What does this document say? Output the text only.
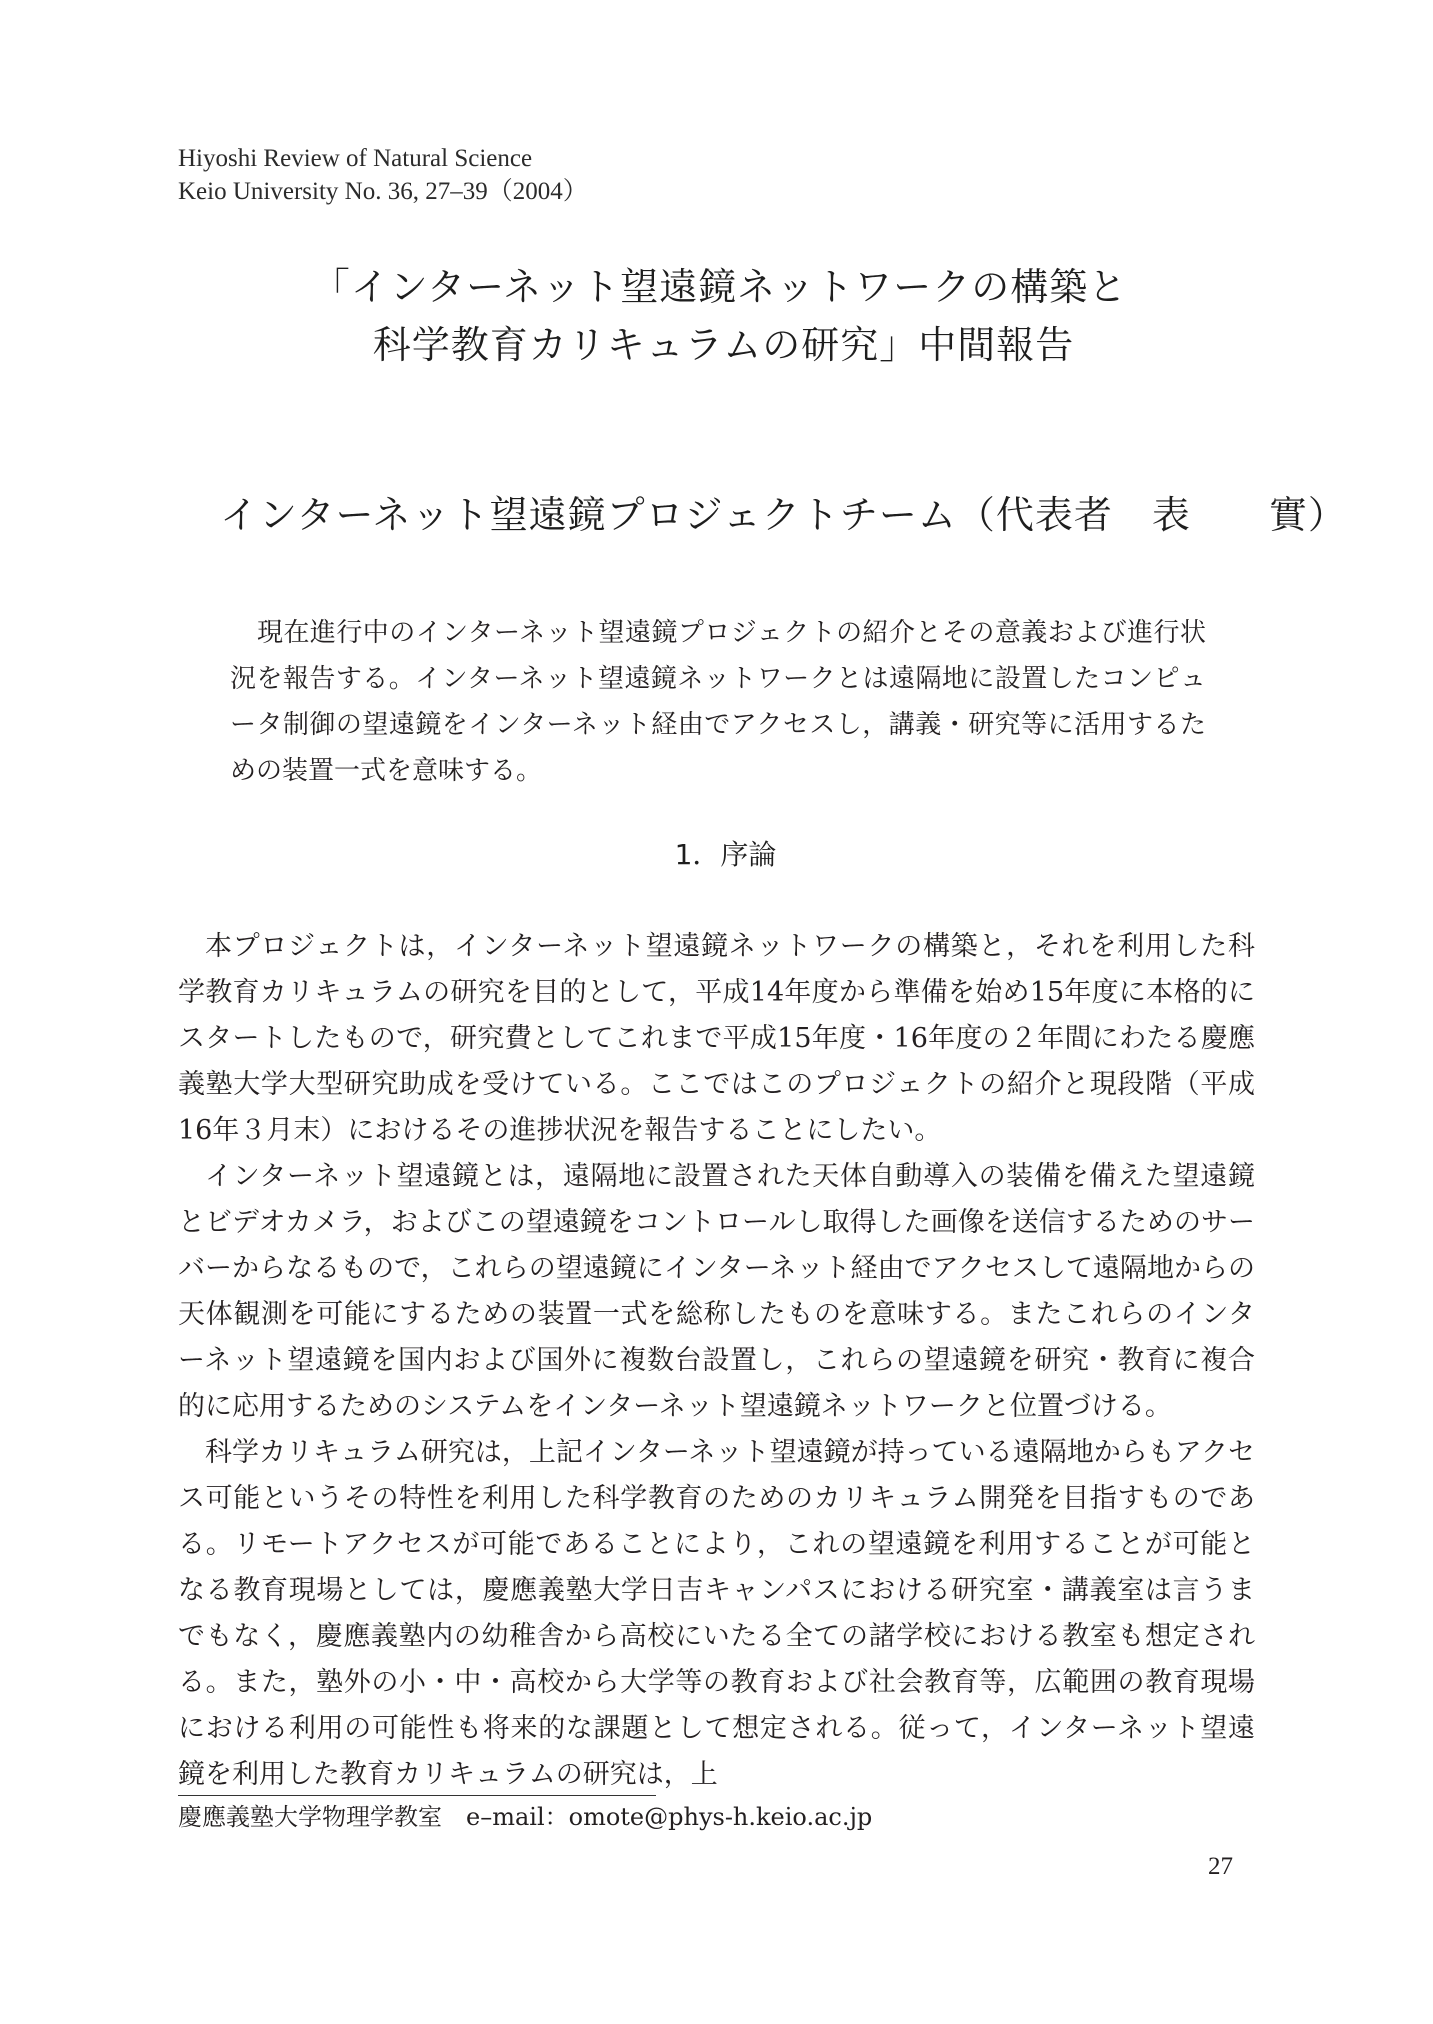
Hiyoshi Review of Natural Science
Keio University No. 36, 27–39（2004）
「インターネット望遠鏡ネットワークの構築と
科学教育カリキュラムの研究」中間報告
インターネット望遠鏡プロジェクトチーム（代表者　表　　實）
現在進行中のインターネット望遠鏡プロジェクトの紹介とその意義および進行状況を報告する。インターネット望遠鏡ネットワークとは遠隔地に設置したコンピュータ制御の望遠鏡をインターネット経由でアクセスし，講義・研究等に活用するための装置一式を意味する。
1．序論

本プロジェクトは，インターネット望遠鏡ネットワークの構築と，それを利用した科学教育カリキュラムの研究を目的として，平成14年度から準備を始め15年度に本格的にスタートしたもので，研究費としてこれまで平成15年度・16年度の２年間にわたる慶應義塾大学大型研究助成を受けている。ここではこのプロジェクトの紹介と現段階（平成16年３月末）におけるその進捗状況を報告することにしたい。

インターネット望遠鏡とは，遠隔地に設置された天体自動導入の装備を備えた望遠鏡とビデオカメラ，およびこの望遠鏡をコントロールし取得した画像を送信するためのサーバーからなるもので，これらの望遠鏡にインターネット経由でアクセスして遠隔地からの天体観測を可能にするための装置一式を総称したものを意味する。またこれらのインターネット望遠鏡を国内および国外に複数台設置し，これらの望遠鏡を研究・教育に複合的に応用するためのシステムをインターネット望遠鏡ネットワークと位置づける。

科学カリキュラム研究は，上記インターネット望遠鏡が持っている遠隔地からもアクセス可能というその特性を利用した科学教育のためのカリキュラム開発を目指すものである。リモートアクセスが可能であることにより，これの望遠鏡を利用することが可能となる教育現場としては，慶應義塾大学日吉キャンパスにおける研究室・講義室は言うまでもなく，慶應義塾内の幼稚舎から高校にいたる全ての諸学校における教室も想定される。また，塾外の小・中・高校から大学等の教育および社会教育等，広範囲の教育現場における利用の可能性も将来的な課題として想定される。従って，インターネット望遠鏡を利用した教育カリキュラムの研究は，上

慶應義塾大学物理学教室　e–mail：omote@phys-h.keio.ac.jp
27
